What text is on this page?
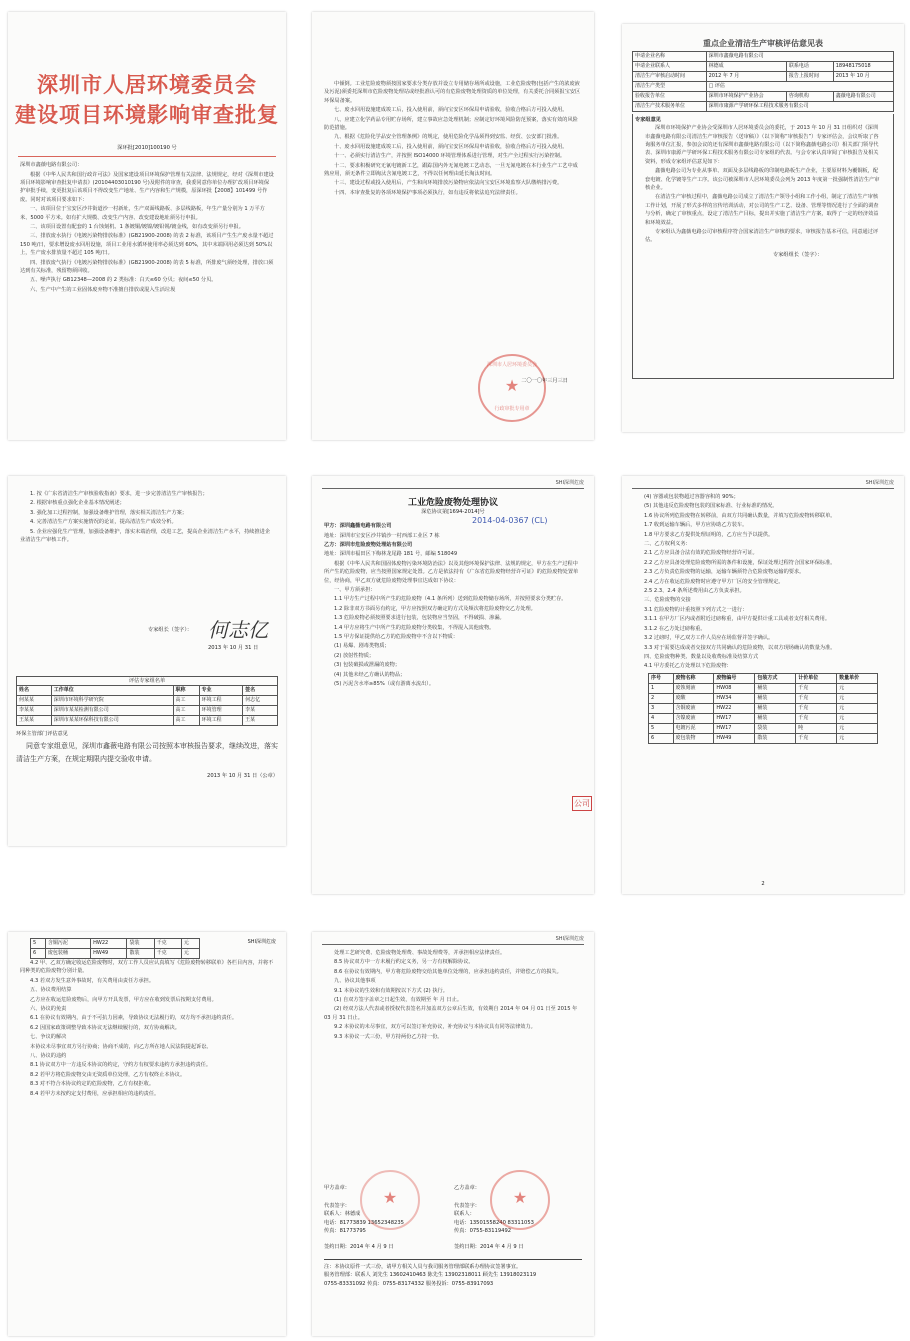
深圳市人居环境委员会
建设项目环境影响审查批复
深环批[2010]100190 号
深圳市鑫薇电路有限公司：
根据《中华人民共和国行政许可法》及国家建设项目环境保护管理有关法律、法规规定，经对《深圳市建设项目环境影响审查批复申请表》(20104403010190 号)及附件的审查，我委同意你单位办理扩改项目环境保护审批手续，变更批复后该项目不得改变生产地址、生产内容和生产规模，原深环批【2008】101499 号作废。同时对该项目要求如下：
一、该项目位于宝安区沙井街道沙一村新址，生产双面线路板、多层线路板，年生产量分别为 1 万平方米、5000 平方米。如有扩大规模、改变生产内容、改变建设地址须另行申报。
二、该项目设置有配套的 1 台蚀刻机、1 条镀铜/镀镍/镀铅锡/镀金线，如有改变须另行申报。
三、排放废水执行《电镀污染物排放标准》(GB21900-2008) 的表 2 标准，该项目产生生产废水量不超过 150 吨/日，要求增设废水回用设施，项目工业用水循环使用率必须达到 60%，其中末端回用必须达到 50%以上，生产废水排放量不超过 105 吨/日。
四、排放废气执行《电镀污染物排放标准》(GB21900-2008) 的表 5 标准，所排废气须经处理，排放口须达到有关标准，残留物须回收。
五、噪声执行 GB12348—2008 的 2 类标准：白天≤60 分贝；夜间≤50 分贝。
六、生产中产生的工业固体废弃物不准擅自排放或混入生活垃圾
中倾倒。工业危险废物须按国家要求分类存放并设立专用储存场所或设施，工业危险废物(包括产生的浓废液及污泥)须委托深圳市危险废物处理站或经批准认可的有危险废物处理资质的单位处理，有关委托合同须报宝安区环保局备案。
七、废水回用设施建成竣工后，投入使用前，须向宝安区环保局申请验收，验收合格后方可投入使用。
八、应建立化学药品专用贮存场所，建立事故应急处理机制；应制定好环境风险防范预案，落实有效的风险防范措施。
九、根据《危险化学品安全管理条例》的规定，使用危险化学品须得到安监、经贸、公安部门批准。
十、废水回用设施建成竣工后，投入使用前，须向宝安区环保局申请验收，验收合格后方可投入使用。
十一、必须实行清洁生产，并按照 ISO14000 环境管理体系进行管理，对生产全过程实行污染控制。
十二、要求积极研究无氰电镀新工艺，跟踪国内外无氰电镀工艺动态，一旦无氰电镀在本行业生产工艺中成熟应用，须无条件立即淘汰含氰电镀工艺，不得以任何理由延长淘汰时间。
十三、建设过程或投入使用后，产生和向环境排放污染物应依法向宝安区环境监察大队缴纳排污费。
十四、本审查批复的各项环境保护事项必须执行，如有违反将依法追究法律责任。
深圳市人居环境委员会
★
行政审批专用章
二〇一〇年三月三日
重点企业清洁生产审核评估意见表
申请企业名称	深圳市鑫薇电路有限公司		
申请企业联系人	林德成	联系电话	18948175018
清洁生产审核启动时间	2012 年 7 月	报告上报时间	2013 年 10 月
清洁生产类型	□ 评估		
验收报告单位	深圳市环境保护产业协会	咨询机构	鑫薇电路有限公司
清洁生产技术服务单位	深圳市康源产学研环保工程技术服务有限公司		
专家组意见
深圳市环境保护产业协会受深圳市人居环境委员会的委托，于 2013 年 10 月 31 日组织对《深圳市鑫薇电路有限公司清洁生产审核报告（送审稿）》（以下简称“审核报告”）专家评估会，会议听取了咨询服务单位汇报，参加会议的还有深圳市鑫薇电路有限公司（以下简称鑫薇电路公司）相关部门领导代表、深圳市康源产学研环保工程技术服务有限公司专家组的代表。与会专家认真审阅了审核报告及相关资料，形成专家组评估意见如下：
鑫薇电路公司为专业从事单、双面及多层线路板的印制电路板生产企业，主要原材料为覆铜板，配套电镀、化学镀等生产工序。该公司被深圳市人居环境委员会列为 2013 年度第一批强制性清洁生产审核企业。
在清洁生产审核过程中，鑫薇电路公司成立了清洁生产领导小组和工作小组，制定了清洁生产审核工作计划，开展了形式多样的宣传培训活动，对公司的生产工艺、设备、管理等情况进行了全面的调查与分析，确定了审核重点，设定了清洁生产目标，提出并实施了清洁生产方案，取得了一定的经济效益和环境效益。
专家组认为鑫薇电路公司审核程序符合国家清洁生产审核的要求，审核报告基本可信，同意通过评估。
专家组组长（签字）：
1. 按《广东省清洁生产审核验收指南》要求，进一步完善清洁生产审核报告；
2. 根据审核重点强化企业基本情况阐述；
3. 强化加工过程控制，加强设备维护管理，落实相关清洁生产方案；
4. 完善清洁生产方案实施情况的论证，提高清洁生产成效分析。
5. 企业应强化生产管理，加强设备维护，落实末端治理，改进工艺，提高企业清洁生产水平，持续推进企业清洁生产审核工作。
专家组长（签字）： 何志亿
2013 年 10 月 31 日
评估专家组名单
姓名	工作单位	职称	专业	签名
何某某	深圳市环境科学研究院	高工	环境工程	何志亿
李某某	深圳市某某检测有限公司	高工	环境管理	李某
王某某	深圳市某某环保科技有限公司	高工	环境工程	王某
环保主管部门评估意见
同意专家组意见，深圳市鑫薇电路有限公司按照本审核报告要求，继续改进，落实清洁生产方案，在规定期限内提交验收申请。
2013 年 10 月 31 日（公章）
SHI深圳危废
工业危险废物处理协议
深危协议第[1694-2014]号
2014-04-0367 (CL)
甲方：深圳鑫薇电路有限公司
地址：深圳市宝安区沙井镇沙一村西部工业区 7 栋
乙方：深圳市危险废物处理站有限公司
地址：深圳市福田区下梅林龙尾路 181 号，邮编 518049
根据《中华人民共和国固体废物污染环境防治法》以及其他环境保护法律、法规的规定，甲方在生产过程中所产生的危险废物，应当按照国家规定处置。乙方是依法持有《广东省危险废物经营许可证》的危险废物处置单位，经协商，甲乙双方就危险废物处理事宜达成如下协议：
一、甲方须承担：
1.1 甲方生产过程中所产生的危险废物（4.1 条所列）送到危险废物储存场所，并按照要求分类贮存。
1.2 除非双方书面另有约定，甲方应按照双方确定的方式及频次将危险废物交乙方处理。
1.3 危险废物必须按照要求进行包装，包装物应当坚固，不得破损、渗漏。
1.4 甲方应将生产中所产生的危险废物分类收集，不得混入其他废物。
1.5 甲方保证提供给乙方的危险废物中不含以下物质：
(1) 易爆、剧毒类物质；
(2) 放射性物质；
(3) 包装破损或泄漏的废物；
(4) 其他未经乙方确认的物品；
(5) 污泥含水率≥85%（或有游离水流出）。
公司
SHI深圳危废
(4) 容器或包装物超过容器容积的 90%；
(5) 其他违反危险废物包装的国家标准、行业标准的情况。
1.6 协议所列危险废物在转移前，由双方共同确认数量，并填写危险废物转移联单。
1.7 收到运输车辆后，甲方应协助乙方装车。
1.8 甲方要求乙方提供处理证明的，乙方应当予以提供。
二、乙方权利义务：
2.1 乙方应具备合法有效的危险废物经营许可证。
2.2 乙方应具备处理危险废物所需的条件和设施，保证处理过程符合国家环保标准。
2.3 乙方负责危险废物的运输，运输车辆须符合危险废物运输的要求。
2.4 乙方在收运危险废物时应遵守甲方厂区的安全管理规定。
2.5 2.3、2.4 条所述费用由乙方负责承担。
三、危险废物的交接
3.1 危险废物的计重按照下列方式之一进行：
3.1.1 在甲方厂区内或者附近过磅称重，由甲方提供计重工具或者支付相关费用。
3.1.2 在乙方处过磅称重。
3.2 过磅时，甲乙双方工作人员应在场监督并签字确认。
3.3 对于需要达成或者交接双方共同确认的危险废物，以双方现场确认的数量为准。
四、危险废物种类、数量以及收费标准及结算方式
4.1 甲方委托乙方处理以下危险废物：
序号	废物名称	废物编号	包装方式	计价单位	数量单价
1	废蚀刻液	HW08	桶装	千克	元
2	废酸	HW34	桶装	千克	元
3	含铜废液	HW22	桶装	千克	元
4	含镍废液	HW17	桶装	千克	元
5	电镀污泥	HW17	袋装	吨	元
6	废包装物	HW49	散装	千克	元
2
5	含铜污泥	HW22	袋装	千克	元
6	废包装桶	HW49	散装	千克	元
SHI深圳危废
4.2 甲、乙双方确定收运危险废物时，双方工作人员应认真填写《危险废物转移联单》各栏目内容，并将不同种类的危险废物分别计量。
4.3 若双方发生意外事故时，有关费用由责任方承担。
五、协议费用结算
乙方应在收运危险废物后，向甲方开具发票，甲方应在收到发票后按期支付费用。
六、协议的免责
6.1 在协议有效期内，由于不可抗力因素，导致协议无法履行的，双方均不承担违约责任。
6.2 因国家政策调整导致本协议无法继续履行的，双方协商解决。
七、争议的解决
本协议未尽事宜双方另行协商；协商不成的，向乙方所在地人民法院提起诉讼。
八、协议的违约
8.1 协议双方中一方违反本协议的约定，守约方有权要求违约方承担违约责任。
8.2 若甲方将危险废物交由无资质单位处理，乙方有权终止本协议。
8.3 对不符合本协议约定的危险废物，乙方有权拒收。
8.4 若甲方未按约定支付费用，应承担相应的违约责任。
SHI深圳危废
处理工艺研究费、危险废物处理费、事故处理费等，并承担相应法律责任。
8.5 协议双方中一方未履行约定义务，另一方有权解除协议。
8.6 在协议有效期内，甲方将危险废物交给其他单位处理的，应承担违约责任，并赔偿乙方的损失。
九、协议其他事项
9.1 本协议的生效和有效期按以下方式 (2) 执行。
(1) 自双方签字盖章之日起生效，有效期至 年 月 日止。
(2) 经双方法人代表或者授权代表签名并加盖双方公章后生效，有效期自 2014 年 04 月 01 日至 2015 年 03 月 31 日止。
9.2 本协议的未尽事宜，双方可以签订补充协议，补充协议与本协议具有同等法律效力。
9.3 本协议一式三份，甲方持两份乙方持一份。
甲方盖章：
代表签字：
联系人：林德成
电话：81773839 13652348235
传真：81773795
签约日期：2014 年 4 月 9 日
乙方盖章：
代表签字：
联系人：
电话：13501558240 83311053
传真：0755-83119492
签约日期：2014 年 4 月 9 日
★	★
注：本协议原件一式三份，请甲方相关人员与我司服务管理部联系办理协议签署事宜。
服务管理部：联系人 刘先生 13602410463 陈先生 13902318011 顾先生 13918023119
0755-83331092 传真：0755-83174332 服务投诉：0755-83917093
